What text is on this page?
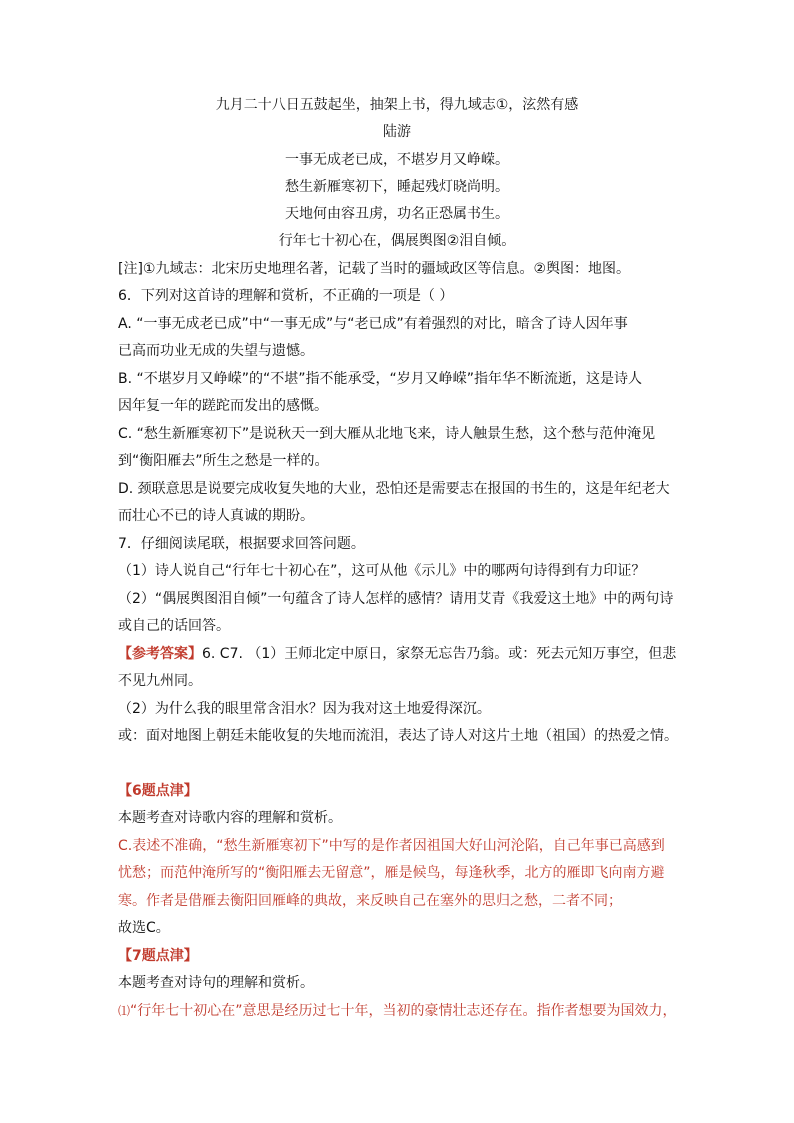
九月二十八日五鼓起坐，抽架上书，得九域志①，泫然有感
陆游
一事无成老已成，不堪岁月又峥嵘。
愁生新雁寒初下，睡起残灯晓尚明。
天地何由容丑虏，功名正恐属书生。
行年七十初心在，偶展舆图②泪自倾。
[注]①九域志：北宋历史地理名著，记载了当时的疆域政区等信息。②舆图：地图。
6．下列对这首诗的理解和赏析，不正确的一项是（ ）
A. “一事无成老已成”中“一事无成”与“老已成”有着强烈的对比，暗含了诗人因年事
已高而功业无成的失望与遗憾。
B. “不堪岁月又峥嵘”的“不堪”指不能承受，“岁月又峥嵘”指年华不断流逝，这是诗人
因年复一年的蹉跎而发出的感慨。
C. “愁生新雁寒初下”是说秋天一到大雁从北地飞来，诗人触景生愁，这个愁与范仲淹见
到“衡阳雁去”所生之愁是一样的。
D. 颈联意思是说要完成收复失地的大业，恐怕还是需要志在报国的书生的，这是年纪老大
而壮心不已的诗人真诚的期盼。
7．仔细阅读尾联，根据要求回答问题。
（1）诗人说自己“行年七十初心在”，这可从他《示儿》中的哪两句诗得到有力印证？
（2）“偶展舆图泪自倾”一句蕴含了诗人怎样的感情？请用艾青《我爱这土地》中的两句诗
或自己的话回答。
【参考答案】6. C7. （1）王师北定中原日，家祭无忘告乃翁。或：死去元知万事空，但悲
不见九州同。
（2）为什么我的眼里常含泪水？因为我对这土地爱得深沉。
或：面对地图上朝廷未能收复的失地而流泪，表达了诗人对这片土地（祖国）的热爱之情。
【6题点津】
本题考查对诗歌内容的理解和赏析。
C.表述不准确，“愁生新雁寒初下”中写的是作者因祖国大好山河沦陷，自己年事已高感到
忧愁；而范仲淹所写的“衡阳雁去无留意”，雁是候鸟，每逢秋季，北方的雁即飞向南方避
寒。作者是借雁去衡阳回雁峰的典故，来反映自己在塞外的思归之愁，二者不同；
故选C。
【7题点津】
本题考查对诗句的理解和赏析。
⑴“行年七十初心在”意思是经历过七十年，当初的豪情壮志还存在。指作者想要为国效力，
